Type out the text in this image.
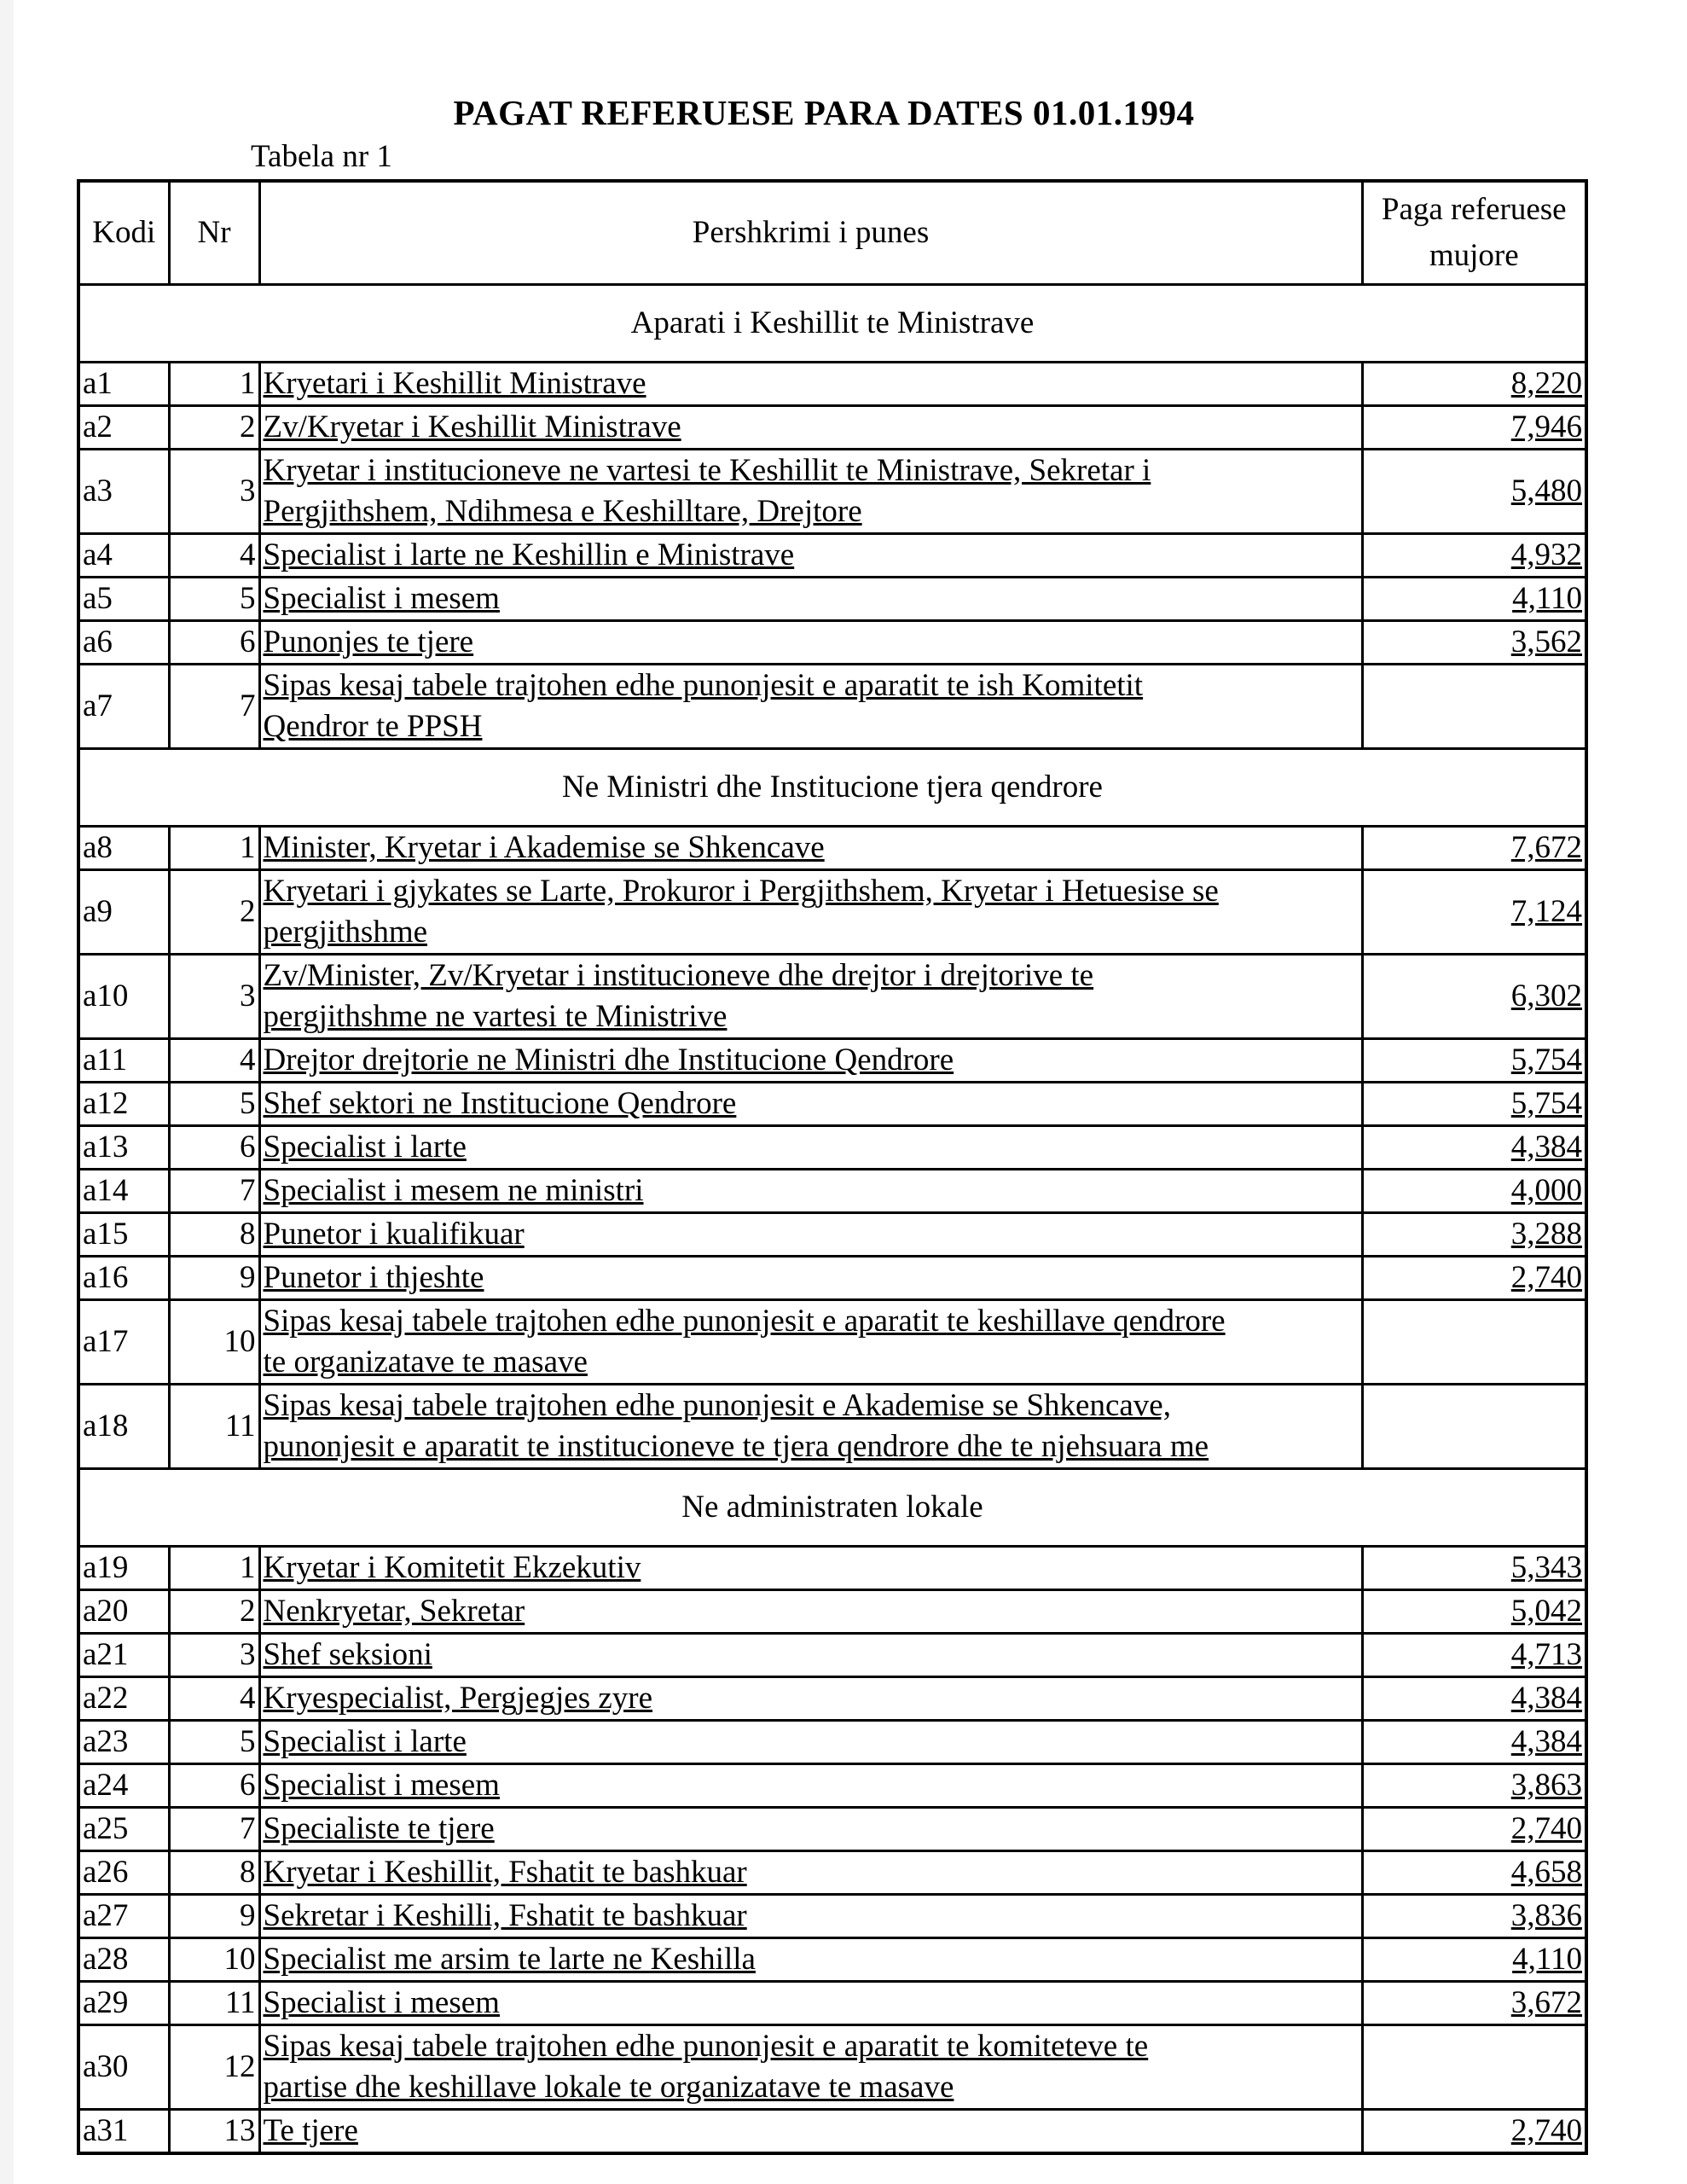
PAGAT REFERUESE PARA DATES 01.01.1994
Tabela nr 1
Kodi	Nr	Pershkrimi i punes	Paga referuese
mujore

Aparati i Keshillit te Ministrave			
a1	1	Kryetari i Keshillit Ministrave	8,220
a2	2	Zv/Kryetar i Keshillit Ministrave	7,946
a3	3	Kryetar i institucioneve ne vartesi te Keshillit te Ministrave, Sekretar i
Pergjithshem, Ndihmesa e Keshilltare, Drejtore	5,480
a4	4	Specialist i larte ne Keshillin e Ministrave	4,932
a5	5	Specialist i mesem	4,110
a6	6	Punonjes te tjere	3,562
a7	7	Sipas kesaj tabele trajtohen edhe punonjesit e aparatit te ish Komitetit
Qendror te PPSH	

Ne Ministri dhe Institucione tjera qendrore			
a8	1	Minister, Kryetar i Akademise se Shkencave	7,672
a9	2	Kryetari i gjykates se Larte, Prokuror i Pergjithshem, Kryetar i Hetuesise se
pergjithshme	7,124
a10	3	Zv/Minister, Zv/Kryetar i institucioneve dhe drejtor i drejtorive te
pergjithshme ne vartesi te Ministrive	6,302
a11	4	Drejtor drejtorie ne Ministri dhe Institucione Qendrore	5,754
a12	5	Shef sektori ne Institucione Qendrore	5,754
a13	6	Specialist i larte	4,384
a14	7	Specialist i mesem ne ministri	4,000
a15	8	Punetor i kualifikuar	3,288
a16	9	Punetor i thjeshte	2,740
a17	10	Sipas kesaj tabele trajtohen edhe punonjesit e aparatit te keshillave qendrore
te organizatave te masave	

a18	11	Sipas kesaj tabele trajtohen edhe punonjesit e Akademise se Shkencave,
punonjesit e aparatit te institucioneve te tjera qendrore dhe te njehsuara me	

Ne administraten lokale			
a19	1	Kryetar i Komitetit Ekzekutiv	5,343
a20	2	Nenkryetar, Sekretar	5,042
a21	3	Shef seksioni	4,713
a22	4	Kryespecialist, Pergjegjes zyre	4,384
a23	5	Specialist i larte	4,384
a24	6	Specialist i mesem	3,863
a25	7	Specialiste te tjere	2,740
a26	8	Kryetar i Keshillit, Fshatit te bashkuar	4,658
a27	9	Sekretar i Keshilli, Fshatit te bashkuar	3,836
a28	10	Specialist me arsim te larte ne Keshilla	4,110
a29	11	Specialist i mesem	3,672
a30	12	Sipas kesaj tabele trajtohen edhe punonjesit e aparatit te komiteteve te
partise dhe keshillave lokale te organizatave te masave	

a31	13	Te tjere	2,740
